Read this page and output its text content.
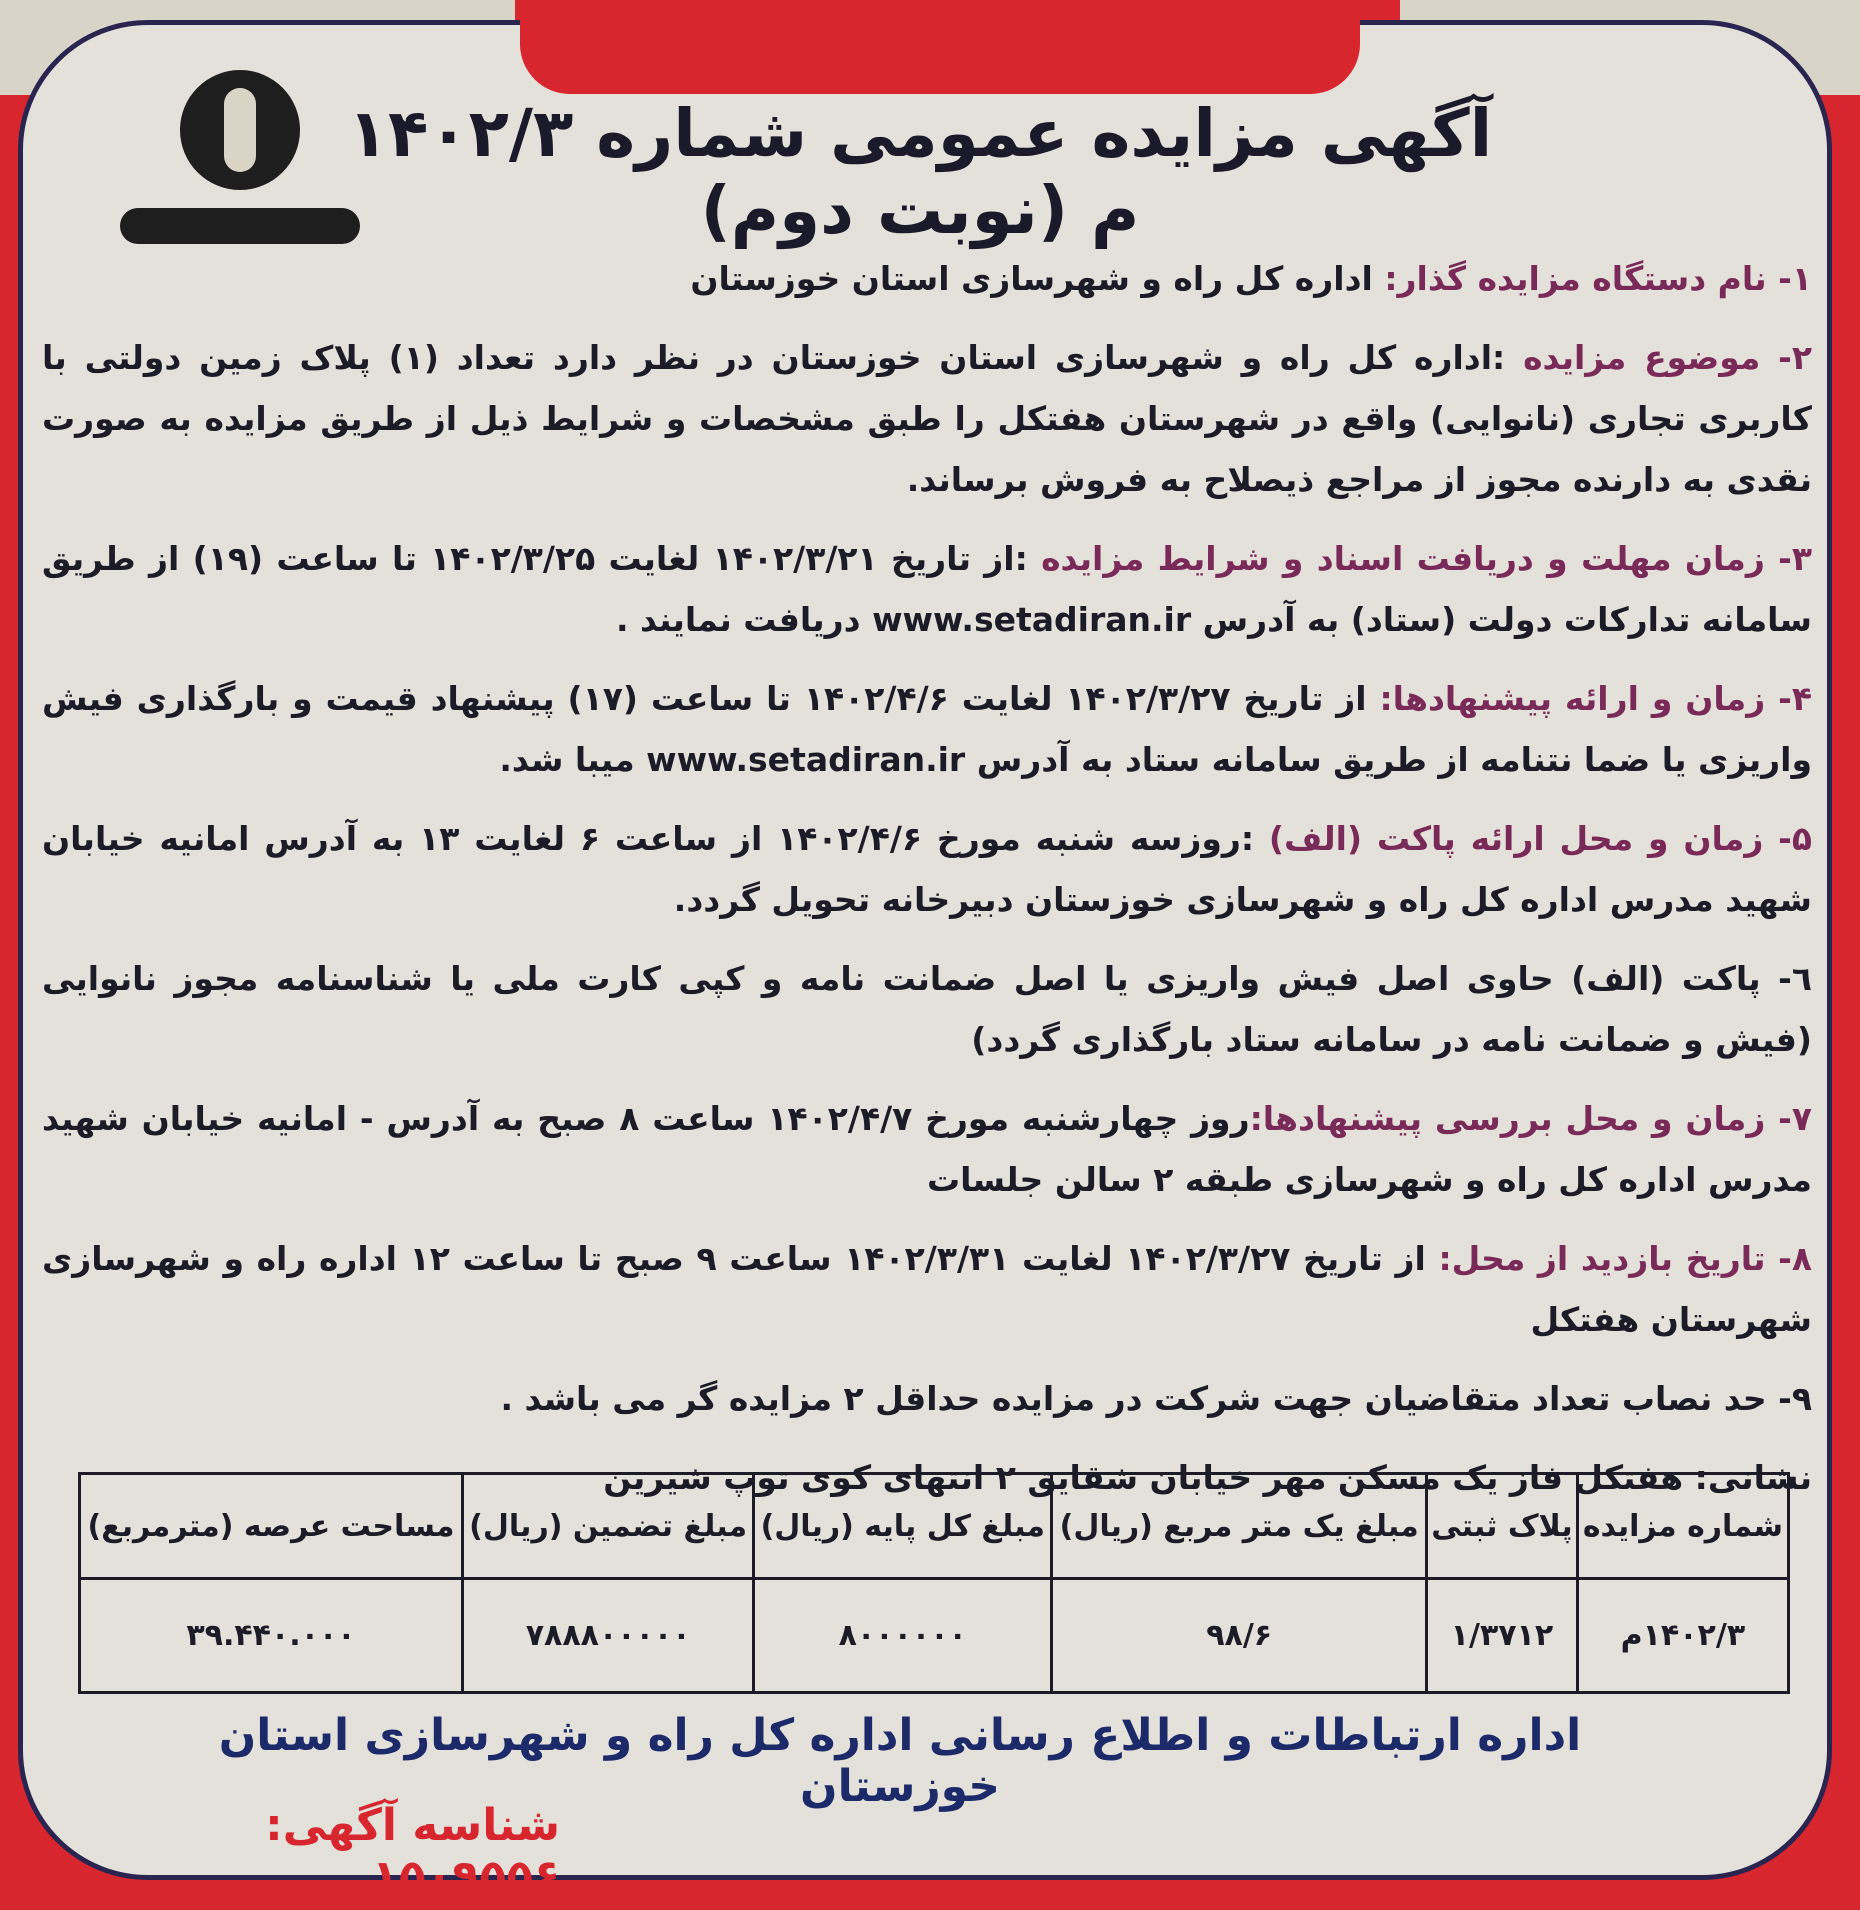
آگهی مزایده عمومی شماره ۱۴۰۲/۳ م (نوبت دوم)

۱- نام دستگاه مزایده گذار: اداره کل راه و شهرسازی استان خوزستان

۲- موضوع مزایده :اداره کل راه و شهرسازی استان خوزستان در نظر دارد تعداد (۱) پلاک زمین دولتی با کاربری تجاری (نانوایی) واقع در شهرستان هفتکل را طبق مشخصات و شرایط ذیل از طریق مزایده به صورت نقدی به دارنده مجوز از مراجع ذیصلاح به فروش برساند.

۳- زمان مهلت و دریافت اسناد و شرایط مزایده :از تاریخ ۱۴۰۲/۳/۲۱ لغایت ۱۴۰۲/۳/۲۵ تا ساعت (۱۹) از طریق سامانه تدارکات دولت (ستاد) به آدرس www.setadiran.ir دریافت نمایند .

۴- زمان و ارائه پیشنهادها: از تاریخ ۱۴۰۲/۳/۲۷ لغایت ۱۴۰۲/۴/۶ تا ساعت (۱۷) پیشنهاد قیمت و بارگذاری فیش واریزی یا ضما نتنامه از طریق سامانه ستاد به آدرس www.setadiran.ir میبا شد.

۵- زمان و محل ارائه پاکت (الف) :روزسه شنبه مورخ ۱۴۰۲/۴/۶ از ساعت ۶ لغایت ۱۳ به آدرس امانیه خیابان شهید مدرس اداره کل راه و شهرسازی خوزستان دبیرخانه تحویل گردد.

٦- پاکت (الف) حاوی اصل فیش واریزی یا اصل ضمانت نامه و کپی کارت ملی یا شناسنامه مجوز نانوایی (فیش و ضمانت نامه در سامانه ستاد بارگذاری گردد)

۷- زمان و محل بررسی پیشنهادها:روز چهارشنبه مورخ ۱۴۰۲/۴/۷ ساعت ۸ صبح به آدرس - امانیه خیابان شهید مدرس اداره کل راه و شهرسازی طبقه ۲ سالن جلسات

۸- تاریخ بازدید از محل: از تاریخ ۱۴۰۲/۳/۲۷ لغایت ۱۴۰۲/۳/۳۱ ساعت ۹ صبح تا ساعت ۱۲ اداره راه و شهرسازی شهرستان هفتکل

۹- حد نصاب تعداد متقاضیان جهت شرکت در مزایده حداقل ۲ مزایده گر می باشد .

نشانی: هفتکل فاز یک مسکن مهر خیابان شقایق ۲ انتهای کوی توپ شیرین

شماره مزایده	پلاک ثبتی	مبلغ یک متر مربع (ریال)	مبلغ کل پایه (ریال)	مبلغ تضمین (ریال)	مساحت عرصه (مترمربع)
۱۴۰۲/۳م	۱/۳۷۱۲	۹۸/۶	۸۰۰۰۰۰۰	۷۸۸۸۰۰۰۰۰	۳۹.۴۴۰.۰۰۰
اداره ارتباطات و اطلاع رسانی اداره کل راه و شهرسازی استان خوزستان
شناسه آگهی: ۱۵۰۹۵۵۶
